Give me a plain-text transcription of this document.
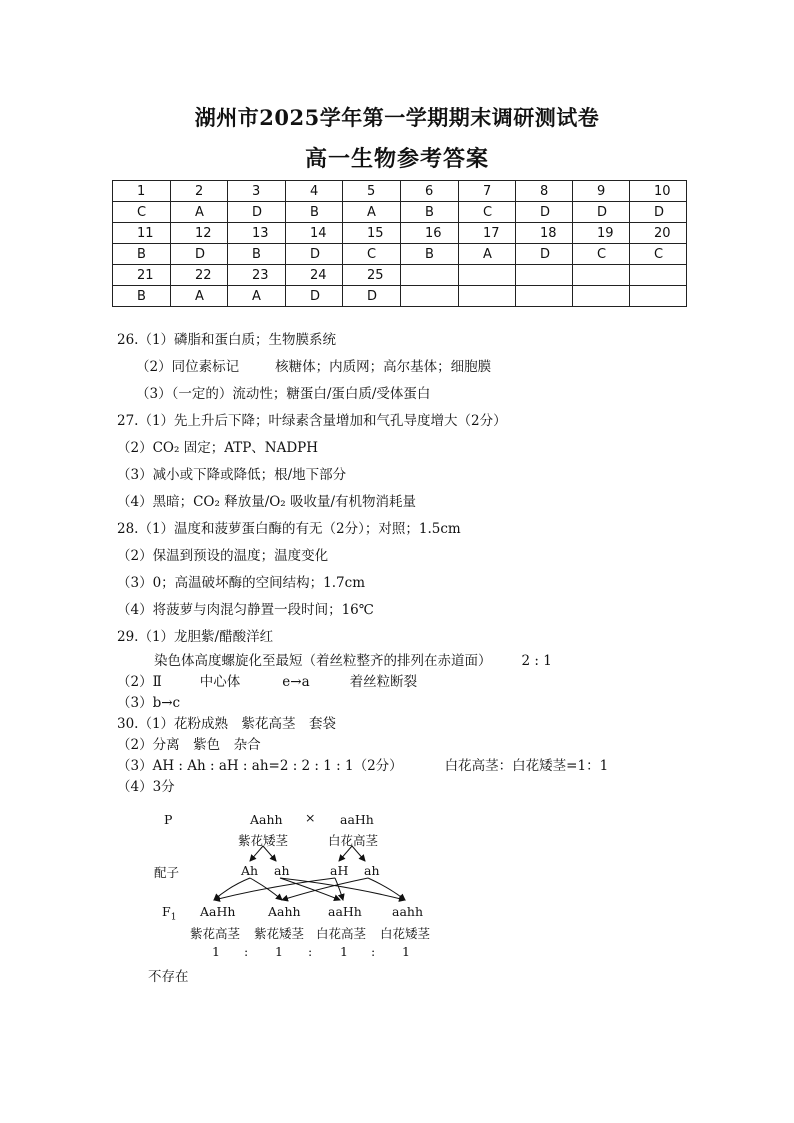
湖州市2025学年第一学期期末调研测试卷
高一生物参考答案
1	2	3	4	5	6	7	8	9	10

C	A	D	B	A	B	C	D	D	D

11	12	13	14	15	16	17	18	19	20

B	D	B	D	C	B	A	D	C	C

21	22	23	24	25					

B	A	A	D	D					

26.（1）磷脂和蛋白质；生物膜系统
（2）同位素标记	核糖体；内质网；高尔基体；细胞膜
（3）（一定的）流动性；糖蛋白/蛋白质/受体蛋白
27.（1）先上升后下降；叶绿素含量增加和气孔导度增大（2分）
（2）CO₂ 固定；ATP、NADPH
（3）减小或下降或降低；根/地下部分
（4）黑暗；CO₂ 释放量/O₂ 吸收量/有机物消耗量
28.（1）温度和菠萝蛋白酶的有无（2分）；对照；1.5cm
（2）保温到预设的温度；温度变化
（3）0；高温破坏酶的空间结构；1.7cm
（4）将菠萝与肉混匀静置一段时间；16℃
29.（1）龙胆紫/醋酸洋红
染色体高度螺旋化至最短（着丝粒整齐的排列在赤道面） 2 : 1
（2）Ⅱ	中心体	e→a	着丝粒断裂
（3）b→c
30.（1）花粉成熟　紫花高茎　套袋
（2）分离　紫色　杂合
（3）AH : Ah : aH : ah=2 : 2 : 1 : 1（2分）	白花高茎：白花矮茎=1：1
（4）3分
P	Aahh × aaHh
紫花矮茎	白花高茎
配子	Ah ah	aH ah
$F_1$ AaHh	Aahh aaHh aahh
紫花高茎 紫花矮茎 白花高茎 白花矮茎
1 : 1 : 1 : 1
不存在
